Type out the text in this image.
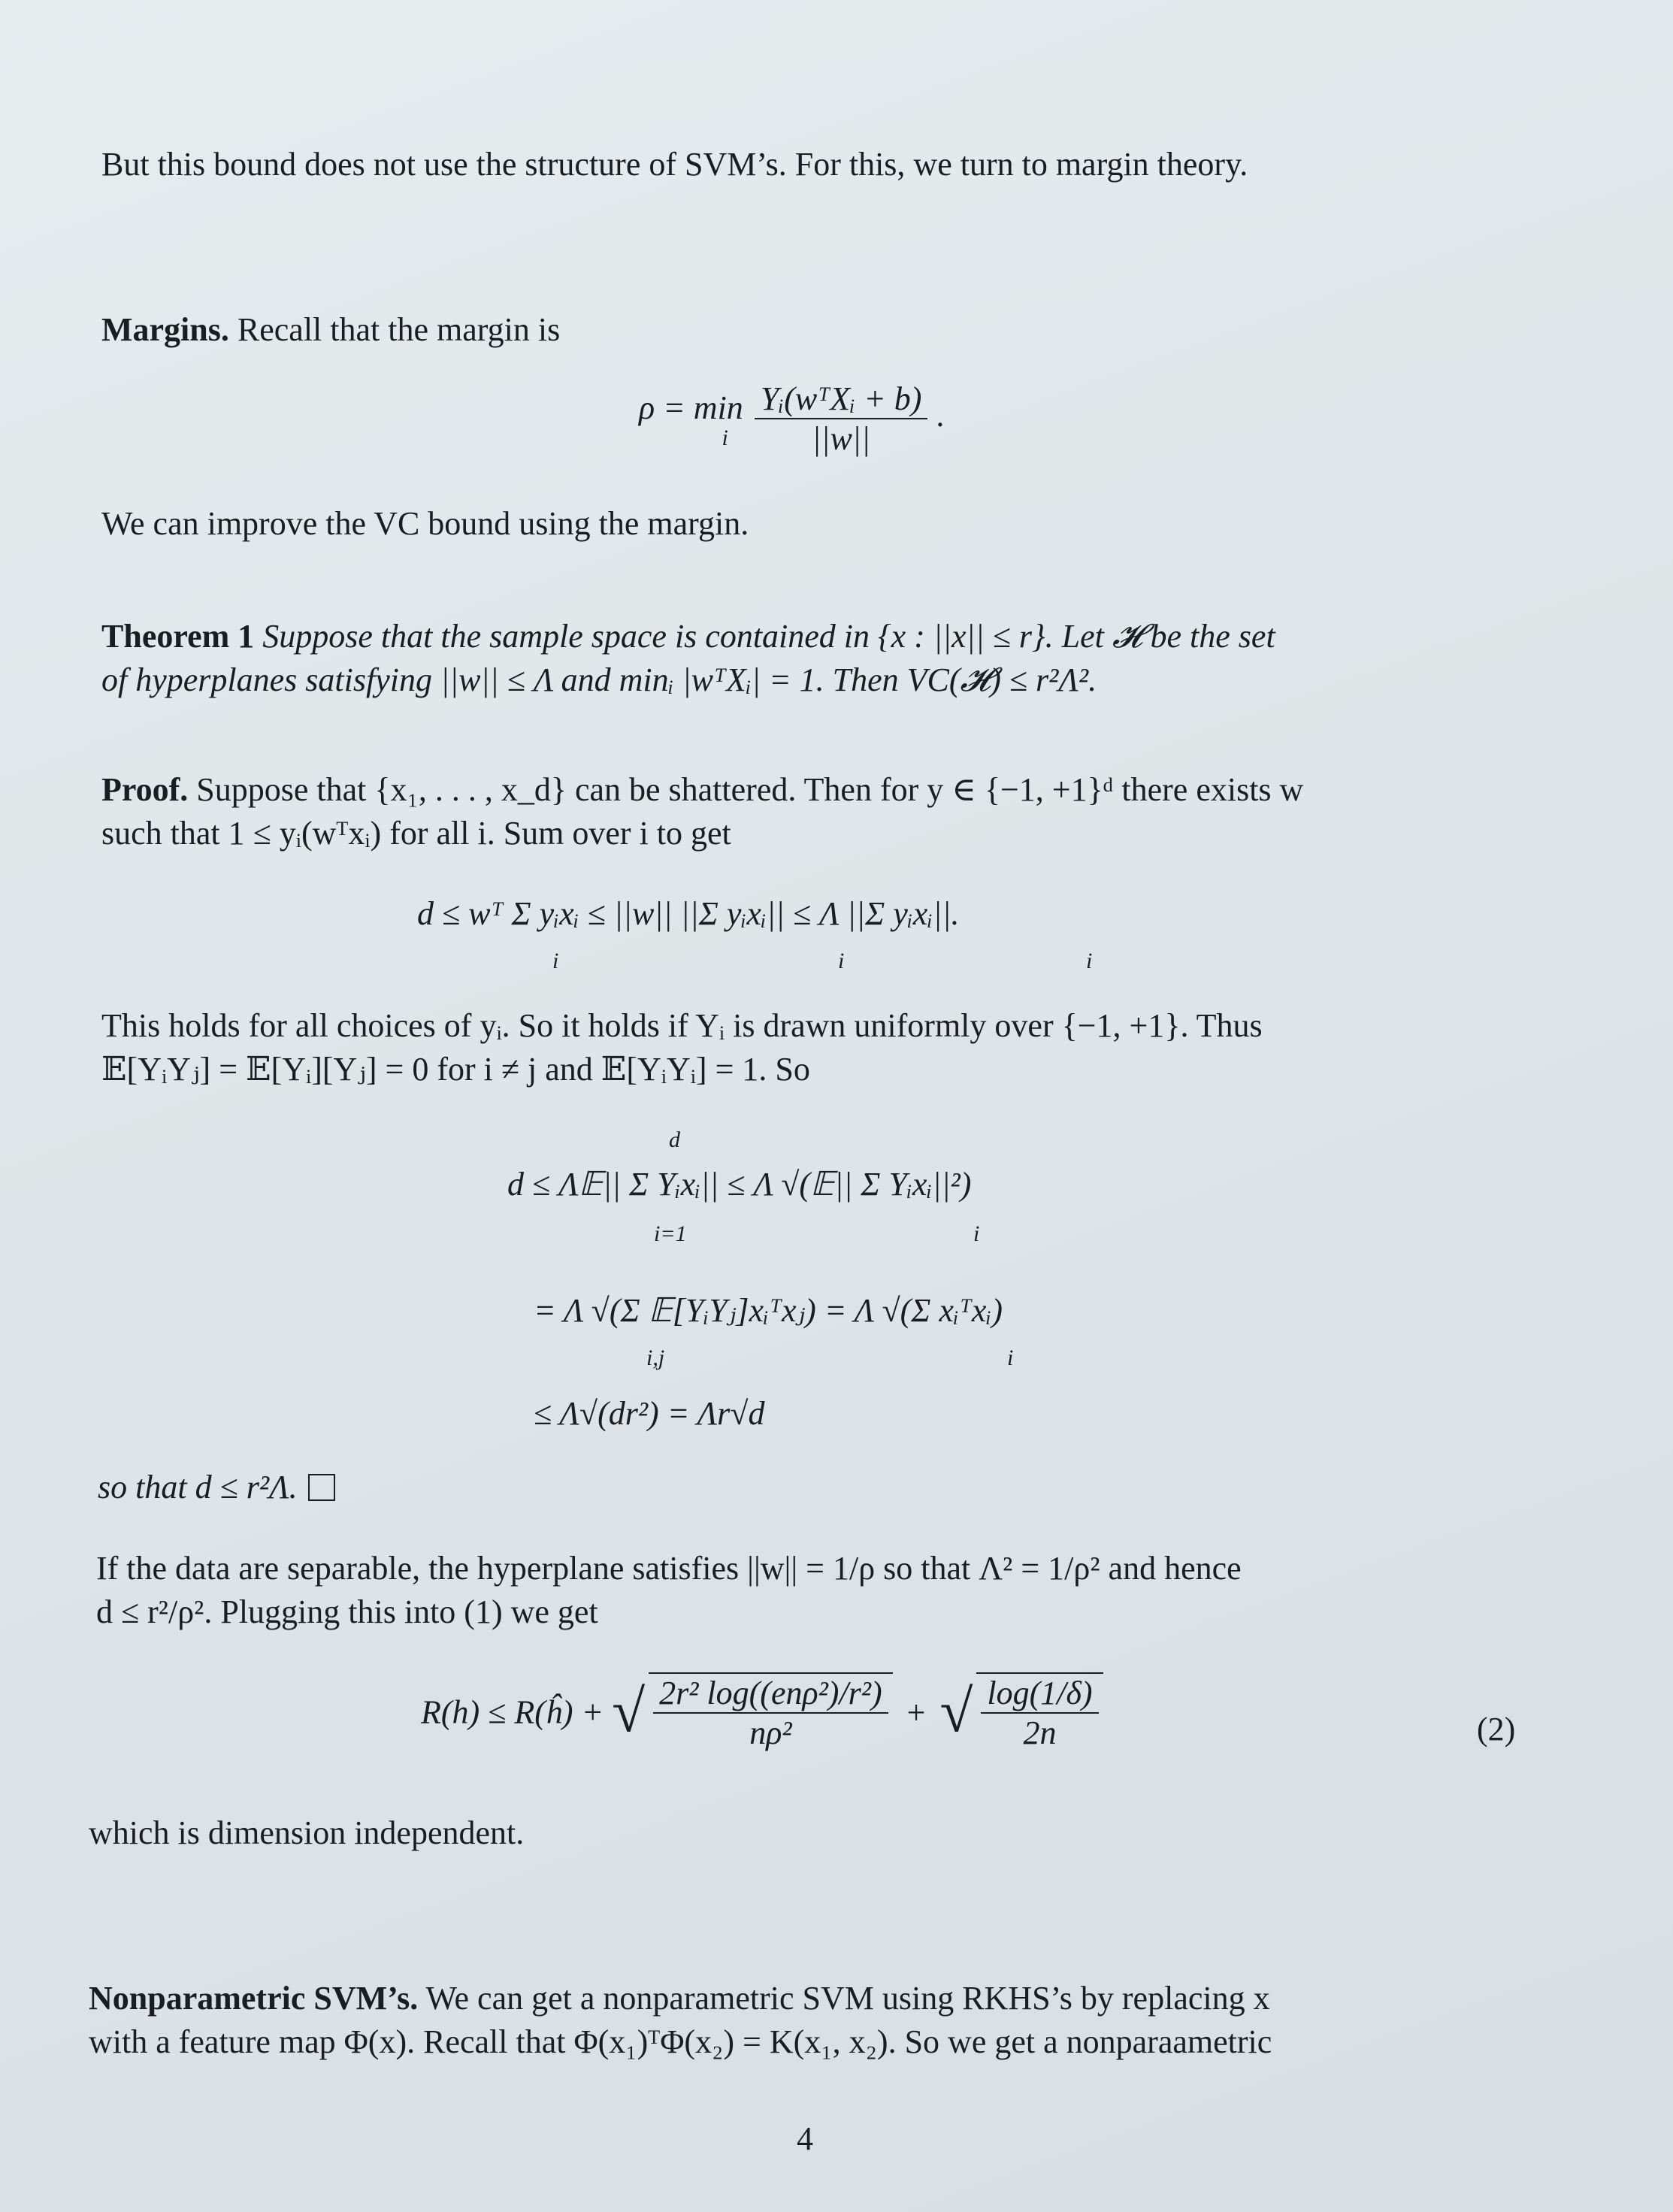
But this bound does not use the structure of SVM’s. For this, we turn to margin theory.
Margins. Recall that the margin is
ρ = min
i
$\frac{\text{Yᵢ(wᵀXᵢ + b)}}{||w||}$ .
We can improve the VC bound using the margin.
Theorem 1 Suppose that the sample space is contained in {x : ||x|| ≤ r}. Let 𝓗 be the set
of hyperplanes satisfying ||w|| ≤ Λ and minᵢ |wᵀXᵢ| = 1. Then VC(𝓗) ≤ r²Λ².
Proof. Suppose that {x₁, . . . , x_d} can be shattered. Then for y ∈ {−1, +1}ᵈ there exists w
such that 1 ≤ yᵢ(wᵀxᵢ) for all i. Sum over i to get
d ≤ wᵀ Σ yᵢxᵢ ≤ ||w|| ||Σ yᵢxᵢ|| ≤ Λ ||Σ yᵢxᵢ||.
i	i	i
This holds for all choices of yᵢ. So it holds if Yᵢ is drawn uniformly over {−1, +1}. Thus
𝔼[YᵢYⱼ] = 𝔼[Yᵢ][Yⱼ] = 0 for i ≠ j and 𝔼[YᵢYᵢ] = 1. So
d
d ≤ Λ𝔼|| Σ Yᵢxᵢ|| ≤ Λ √(𝔼|| Σ Yᵢxᵢ||²)
i=1	i
= Λ √(Σ 𝔼[YᵢYⱼ]xᵢᵀxⱼ) = Λ √(Σ xᵢᵀxᵢ)
i,j	i
≤ Λ√(dr²) = Λr√d
so that d ≤ r²Λ.
If the data are separable, the hyperplane satisfies ||w|| = 1/ρ so that Λ² = 1/ρ² and hence
d ≤ r²/ρ². Plugging this into (1) we get
R(h) ≤ R(ĥ) + √ $\frac{\text{2r² log((enρ²)/r²)}}{\text{nρ²}}$ + √ $\frac{\log(1/\delta)}{2n}$	(2)
which is dimension independent.
Nonparametric SVM’s. We can get a nonparametric SVM using RKHS’s by replacing x
with a feature map Φ(x). Recall that Φ(x₁)ᵀΦ(x₂) = K(x₁, x₂). So we get a nonparaametric
4
